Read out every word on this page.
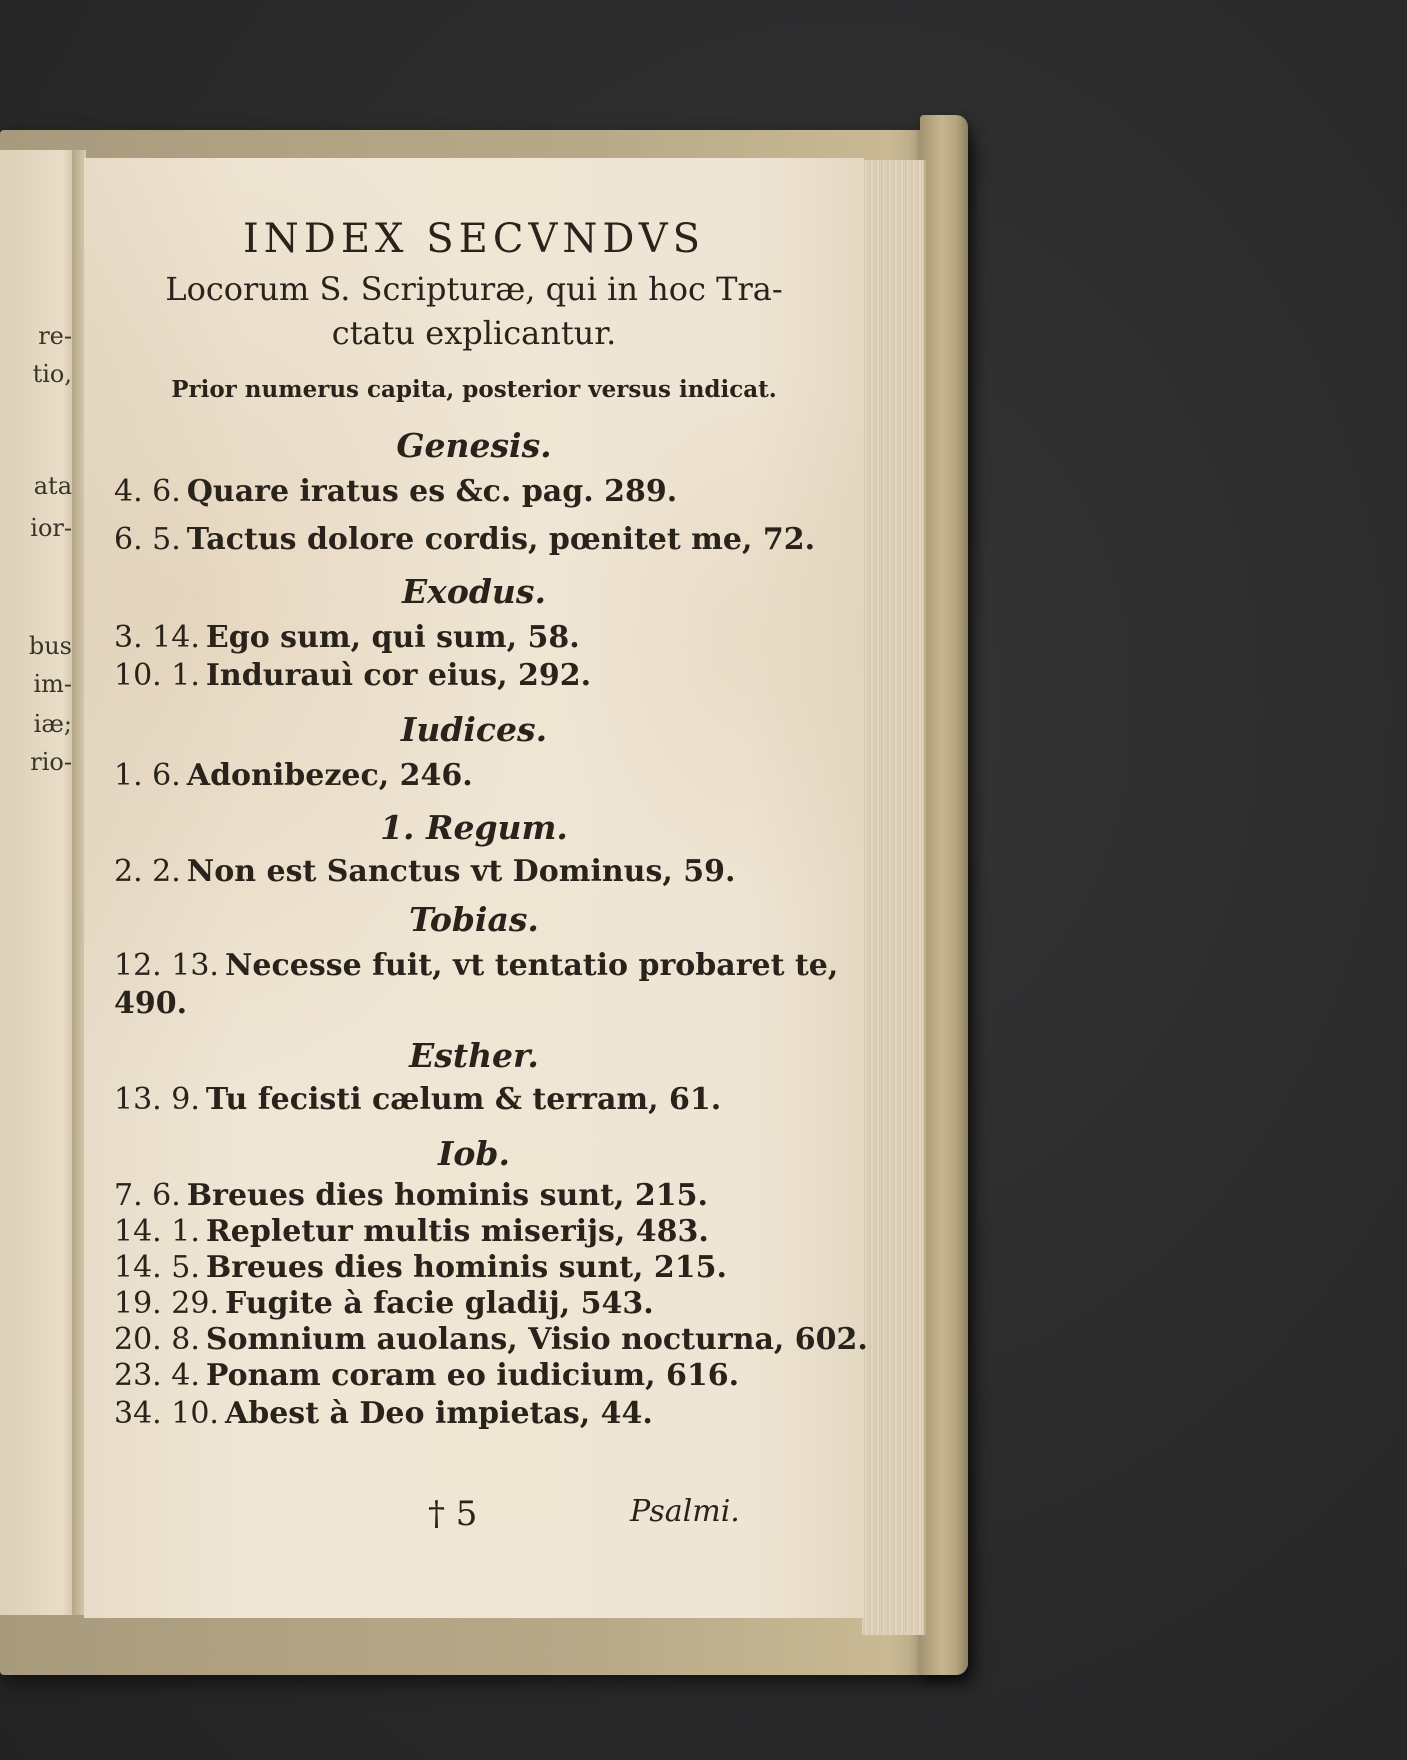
re-
tio,
ata
ior-
bus
im-
iæ;
rio-
INDEX SECVNDVS
Locorum S. Scripturæ, qui in hoc Tra-
ctatu explicantur.
Prior numerus capita, posterior versus indicat.
Genesis.
4. 6. Quare iratus es &c. pag. 289.
6. 5. Tactus dolore cordis, pœnitet me, 72.
Exodus.
3. 14. Ego sum, qui sum, 58.
10. 1. Indurauì cor eius, 292.
Iudices.
1. 6. Adonibezec, 246.
1. Regum.
2. 2. Non est Sanctus vt Dominus, 59.
Tobias.
12. 13. Necesse fuit, vt tentatio probaret te,
490.
Esther.
13. 9. Tu fecisti cælum & terram, 61.
Iob.
7. 6. Breues dies hominis sunt, 215.
14. 1. Repletur multis miserijs, 483.
14. 5. Breues dies hominis sunt, 215.
19. 29. Fugite à facie gladij, 543.
20. 8. Somnium auolans, Visio nocturna, 602.
23. 4. Ponam coram eo iudicium, 616.
34. 10. Abest à Deo impietas, 44.
† 5	Psalmi.
